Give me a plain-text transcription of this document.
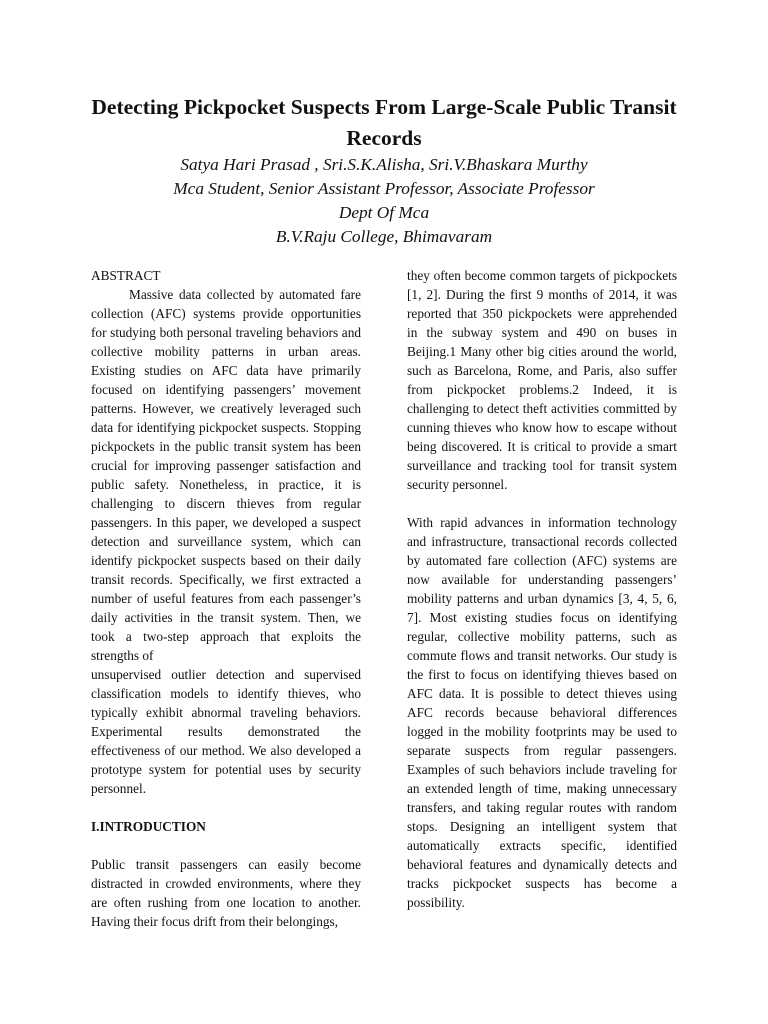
Detecting Pickpocket Suspects From Large-Scale Public Transit Records
Satya Hari Prasad , Sri.S.K.Alisha, Sri.V.Bhaskara Murthy
Mca Student, Senior Assistant Professor, Associate Professor
Dept Of Mca
B.V.Raju College, Bhimavaram
ABSTRACT

Massive data collected by automated fare collection (AFC) systems provide opportunities for studying both personal traveling behaviors and collective mobility patterns in urban areas. Existing studies on AFC data have primarily focused on identifying passengers’ movement patterns. However, we creatively leveraged such data for identifying pickpocket suspects. Stopping pickpockets in the public transit system has been crucial for improving passenger satisfaction and public safety. Nonetheless, in practice, it is challenging to discern thieves from regular passengers. In this paper, we developed a suspect detection and surveillance system, which can identify pickpocket suspects based on their daily transit records. Specifically, we first extracted a number of useful features from each passenger’s daily activities in the transit system. Then, we took a two-step approach that exploits the strengths of

unsupervised outlier detection and supervised classification models to identify thieves, who typically exhibit abnormal traveling behaviors. Experimental results demonstrated the effectiveness of our method. We also developed a prototype system for potential uses by security personnel.

I.INTRODUCTION

Public transit passengers can easily become distracted in crowded environments, where they are often rushing from one location to another. Having their focus drift from their belongings,

they often become common targets of pickpockets [1, 2]. During the first 9 months of 2014, it was reported that 350 pickpockets were apprehended in the subway system and 490 on buses in Beijing.1 Many other big cities around the world, such as Barcelona, Rome, and Paris, also suffer from pickpocket problems.2 Indeed, it is challenging to detect theft activities committed by cunning thieves who know how to escape without being discovered. It is critical to provide a smart surveillance and tracking tool for transit system security personnel.

With rapid advances in information technology and infrastructure, transactional records collected by automated fare collection (AFC) systems are now available for understanding passengers’ mobility patterns and urban dynamics [3, 4, 5, 6, 7]. Most existing studies focus on identifying regular, collective mobility patterns, such as commute flows and transit networks. Our study is the first to focus on identifying thieves based on AFC data. It is possible to detect thieves using AFC records because behavioral differences logged in the mobility footprints may be used to separate suspects from regular passengers. Examples of such behaviors include traveling for an extended length of time, making unnecessary transfers, and taking regular routes with random stops. Designing an intelligent system that automatically extracts specific, identified behavioral features and dynamically detects and tracks pickpocket suspects has become a possibility.
